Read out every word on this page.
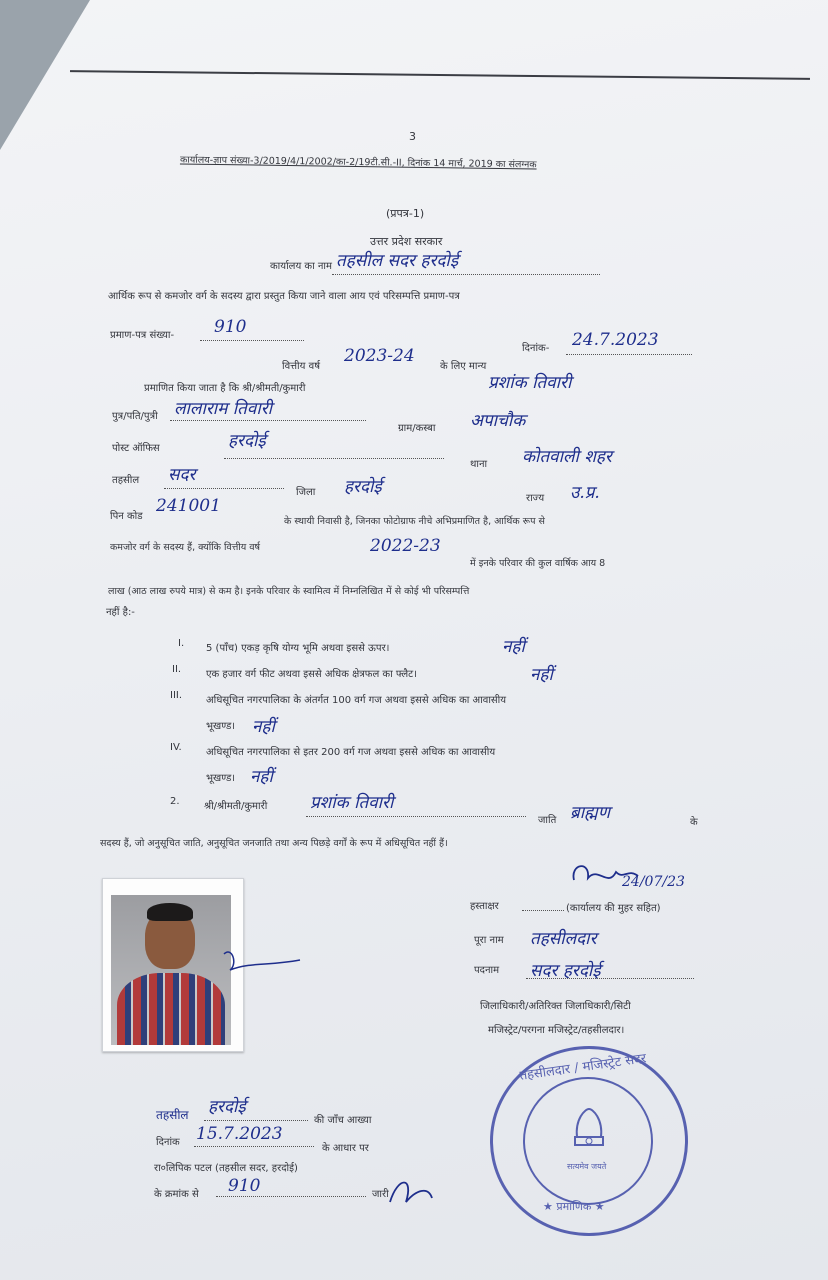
3
कार्यालय-ज्ञाप संख्या-3/2019/4/1/2002/का-2/19टी.सी.-II, दिनांक 14 मार्च, 2019 का संलग्नक
(प्रपत्र-1)
उत्तर प्रदेश सरकार
कार्यालय का नाम तहसील सदर हरदोई
आर्थिक रूप से कमजोर वर्ग के सदस्य द्वारा प्रस्तुत किया जाने वाला आय एवं परिसम्पत्ति प्रमाण-पत्र
प्रमाण-पत्र संख्या- 910
दिनांक- 24.7.2023
वित्तीय वर्ष
2023-24
के लिए मान्य
प्रमाणित किया जाता है कि श्री/श्रीमती/कुमारी	प्रशांक तिवारी
पुत्र/पति/पुत्री लालाराम तिवारी
ग्राम/कस्बा अपाचौक
पोस्ट ऑफिस	हरदोई
थाना कोतवाली शहर
तहसील सदर
जिला हरदोई
राज्य उ.प्र.
पिन कोड
241001
के स्थायी निवासी है, जिनका फोटोग्राफ नीचे अभिप्रमाणित है, आर्थिक रूप से
कमजोर वर्ग के सदस्य हैं, क्योंकि वित्तीय वर्ष	2022-23
में इनके परिवार की कुल वार्षिक आय 8
लाख (आठ लाख रुपये मात्र) से कम है। इनके परिवार के स्वामित्व में निम्नलिखित में से कोई भी परिसम्पत्ति
नहीं है:-
I. 5 (पाँच) एकड़ कृषि योग्य भूमि अथवा इससे ऊपर।	नहीं
II. एक हजार वर्ग फीट अथवा इससे अधिक क्षेत्रफल का फ्लैट।	नहीं
III. अधिसूचित नगरपालिका के अंतर्गत 100 वर्ग गज अथवा इससे अधिक का आवासीय
भूखण्ड। नहीं
IV. अधिसूचित नगरपालिका से इतर 200 वर्ग गज अथवा इससे अधिक का आवासीय
भूखण्ड। नहीं
2. श्री/श्रीमती/कुमारी	प्रशांक तिवारी
जाति ब्राह्मण	के
सदस्य हैं, जो अनुसूचित जाति, अनुसूचित जनजाति तथा अन्य पिछड़े वर्गों के रूप में अधिसूचित नहीं हैं।
24/07/23
हस्ताक्षर	(कार्यालय की मुहर सहित)
पूरा नाम तहसीलदार
पदनाम सदर हरदोई
जिलाधिकारी/अतिरिक्त जिलाधिकारी/सिटी
मजिस्ट्रेट/परगना मजिस्ट्रेट/तहसीलदार।
तहसील हरदोई
की जाँच आख्या
दिनांक 15.7.2023
के आधार पर
रा०लिपिक पटल (तहसील सदर, हरदोई)
के क्रमांक से 910	जारी
तहसीलदार / मजिस्ट्रेट सदर
सत्यमेव जयते
★ प्रमाणिक ★
